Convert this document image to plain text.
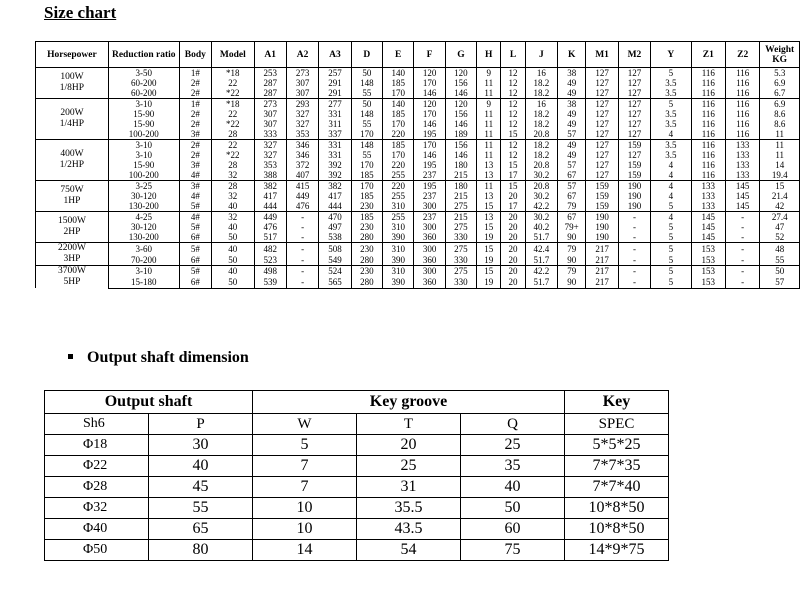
Size chart
Horsepower	Reduction ratio	Body	Model	A1	A2	A3	D	E	F	G	H	L	J	K	M1	M2	Y	Z1	Z2	Weight KG

100W
1/8HP	3-50	1#	*18	253	273	257	50	140	120	120	9	12	16	38	127	127	5	116	116	5.3
	60-200	2#	22	287	307	291	148	185	170	156	11	12	18.2	49	127	127	3.5	116	116	6.9
	60-200	2#	*22	287	307	291	55	170	146	146	11	12	18.2	49	127	127	3.5	116	116	6.7

200W
1/4HP	3-10	1#	*18	273	293	277	50	140	120	120	9	12	16	38	127	127	5	116	116	6.9
	15-90	2#	22	307	327	331	148	185	170	156	11	12	18.2	49	127	127	3.5	116	116	8.6
	15-90	2#	*22	307	327	311	55	170	146	146	11	12	18.2	49	127	127	3.5	116	116	8.6
	100-200	3#	28	333	353	337	170	220	195	189	11	15	20.8	57	127	127	4	116	116	11

400W
1/2HP	3-10	2#	22	327	346	331	148	185	170	156	11	12	18.2	49	127	159	3.5	116	133	11
	3-10	2#	*22	327	346	331	55	170	146	146	11	12	18.2	49	127	127	3.5	116	133	11
	15-90	3#	28	353	372	392	170	220	195	180	13	15	20.8	57	127	159	4	116	133	14
	100-200	4#	32	388	407	392	185	255	237	215	13	17	30.2	67	127	159	4	116	133	19.4

750W
1HP	3-25	3#	28	382	415	382	170	220	195	180	11	15	20.8	57	159	190	4	133	145	15
	30-120	4#	32	417	449	417	185	255	237	215	13	20	30.2	67	159	190	4	133	145	21.4
	130-200	5#	40	444	476	444	230	310	300	275	15	17	42.2	79	159	190	5	133	145	42

1500W
2HP	4-25	4#	32	449	-	470	185	255	237	215	13	20	30.2	67	190	-	4	145	-	27.4
	30-120	5#	40	476	-	497	230	310	300	275	15	20	40.2	79+	190	-	5	145	-	47
	130-200	6#	50	517	-	538	280	390	360	330	19	20	51.7	90	190	-	5	145	-	52

2200W
3HP	3-60	5#	40	482	-	508	230	310	300	275	15	20	42.4	79	217	-	5	153	-	48
	70-200	6#	50	523	-	549	280	390	360	330	19	20	51.7	90	217	-	5	153	-	55

3700W
5HP	3-10	5#	40	498	-	524	230	310	300	275	15	20	42.2	79	217	-	5	153	-	50
	15-180	6#	50	539	-	565	280	390	360	330	19	20	51.7	90	217	-	5	153	-	57
Output shaft dimension
Output shaft		Key groove			Key
Sh6	P	W	T	Q	SPEC
Φ18	30	5	20	25	5*5*25
Φ22	40	7	25	35	7*7*35
Φ28	45	7	31	40	7*7*40
Φ32	55	10	35.5	50	10*8*50
Φ40	65	10	43.5	60	10*8*50
Φ50	80	14	54	75	14*9*75
